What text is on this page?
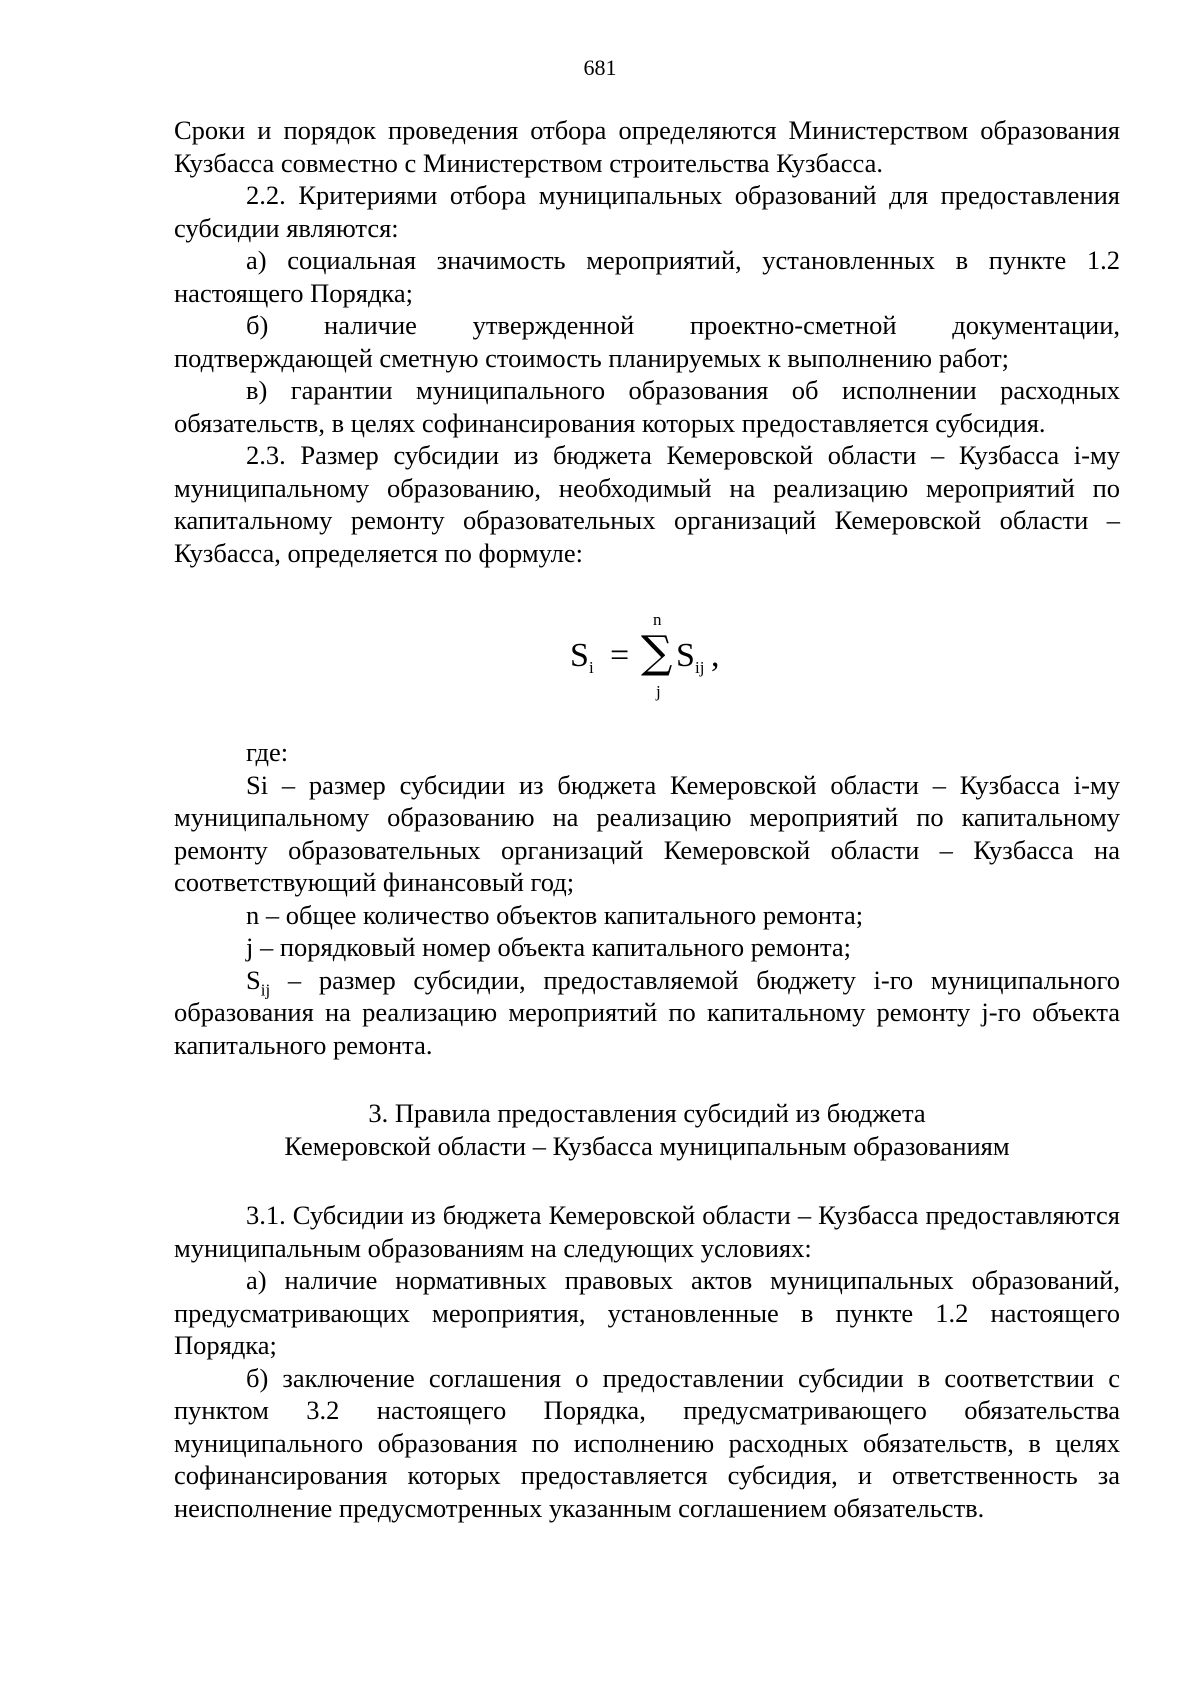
681

Сроки и порядок проведения отбора определяются Министерством образования Кузбасса совместно с Министерством строительства Кузбасса.

2.2. Критериями отбора муниципальных образований для предоставления субсидии являются:

а) социальная значимость мероприятий, установленных в пункте 1.2 настоящего Порядка;

б) наличие утвержденной проектно-сметной документации, подтверждающей сметную стоимость планируемых к выполнению работ;

в) гарантии муниципального образования об исполнении расходных обязательств, в целях софинансирования которых предоставляется субсидия.

2.3. Размер субсидии из бюджета Кемеровской области – Кузбасса i-му муниципальному образованию, необходимый на реализацию мероприятий по капитальному ремонту образовательных организаций Кемеровской области – Кузбасса, определяется по формуле:

S i =
n
∑
j
S ij ,

где:

Si – размер субсидии из бюджета Кемеровской области – Кузбасса i-му муниципальному образованию на реализацию мероприятий по капитальному ремонту образовательных организаций Кемеровской области – Кузбасса на соответствующий финансовый год;

n – общее количество объектов капитального ремонта;

j – порядковый номер объекта капитального ремонта;

$S_{ij}$ – размер субсидии, предоставляемой бюджету i-го муниципального образования на реализацию мероприятий по капитальному ремонту j-го объекта капитального ремонта.

3. Правила предоставления субсидий из бюджета
Кемеровской области – Кузбасса муниципальным образованиям

3.1. Субсидии из бюджета Кемеровской области – Кузбасса предоставляются муниципальным образованиям на следующих условиях:

а) наличие нормативных правовых актов муниципальных образований, предусматривающих мероприятия, установленные в пункте 1.2 настоящего Порядка;

б) заключение соглашения о предоставлении субсидии в соответствии с пунктом 3.2 настоящего Порядка, предусматривающего обязательства муниципального образования по исполнению расходных обязательств, в целях софинансирования которых предоставляется субсидия, и ответственность за неисполнение предусмотренных указанным соглашением обязательств.
